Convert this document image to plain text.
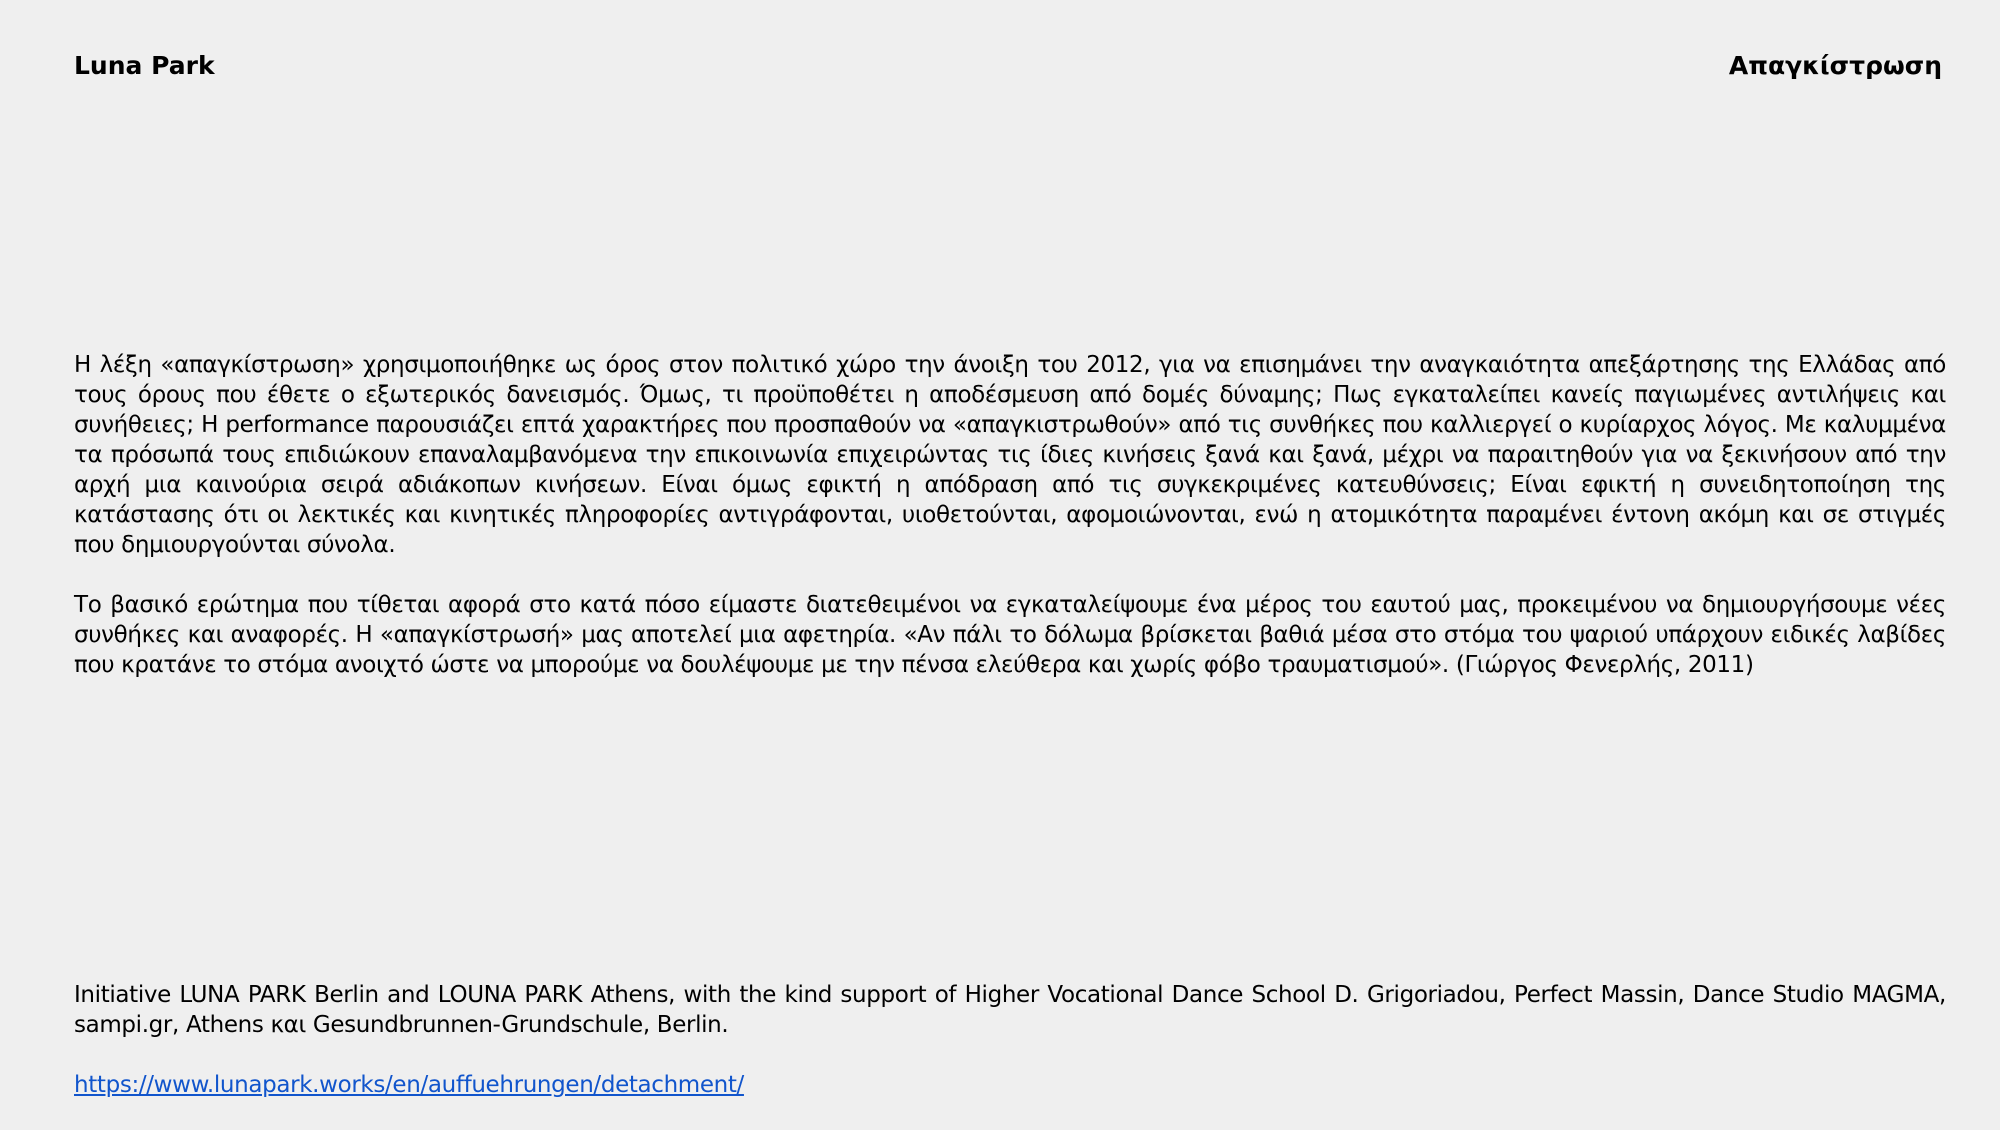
Luna Park	Απαγκίστρωση

Η λέξη «απαγκίστρωση» χρησιμοποιήθηκε ως όρος στον πολιτικό χώρο την άνοιξη του 2012, για να επισημάνει την αναγκαιότητα απεξάρτησης της Ελλάδας από τους όρους που έθετε ο εξωτερικός δανεισμός. Όμως, τι προϋποθέτει η αποδέσμευση από δομές δύναμης; Πως εγκαταλείπει κανείς παγιωμένες αντιλήψεις και συνήθειες; Η performance παρουσιάζει επτά χαρακτήρες που προσπαθούν να «απαγκιστρωθούν» από τις συνθήκες που καλλιεργεί ο κυρίαρχος λόγος. Με καλυμμένα τα πρόσωπά τους επιδιώκουν επαναλαμβανόμενα την επικοινωνία επιχειρώντας τις ίδιες κινήσεις ξανά και ξανά, μέχρι να παραιτηθούν για να ξεκινήσουν από την αρχή μια καινούρια σειρά αδιάκοπων κινήσεων. Είναι όμως εφικτή η απόδραση από τις συγκεκριμένες κατευθύνσεις; Είναι εφικτή η συνειδητοποίηση της κατάστασης ότι οι λεκτικές και κινητικές πληροφορίες αντιγράφονται, υιοθετούνται, αφομοιώνονται, ενώ η ατομικότητα παραμένει έντονη ακόμη και σε στιγμές που δημιουργούνται σύνολα.

Το βασικό ερώτημα που τίθεται αφορά στο κατά πόσο είμαστε διατεθειμένοι να εγκαταλείψουμε ένα μέρος του εαυτού μας, προκειμένου να δημιουργήσουμε νέες συνθήκες και αναφορές. Η «απαγκίστρωσή» μας αποτελεί μια αφετηρία. «Αν πάλι το δόλωμα βρίσκεται βαθιά μέσα στο στόμα του ψαριού υπάρχουν ειδικές λαβίδες που κρατάνε το στόμα ανοιχτό ώστε να μπορούμε να δουλέψουμε με την πένσα ελεύθερα και χωρίς φόβο τραυματισμού». (Γιώργος Φενερλής, 2011)

Initiative LUNA PARK Berlin and LOUNA PARK Athens, with the kind support of Higher Vocational Dance School D. Grigoriadou, Perfect Massin, Dance Studio MAGMA, sampi.gr, Athens και Gesundbrunnen-Grundschule, Berlin.

https://www.lunapark.works/en/auffuehrungen/detachment/
